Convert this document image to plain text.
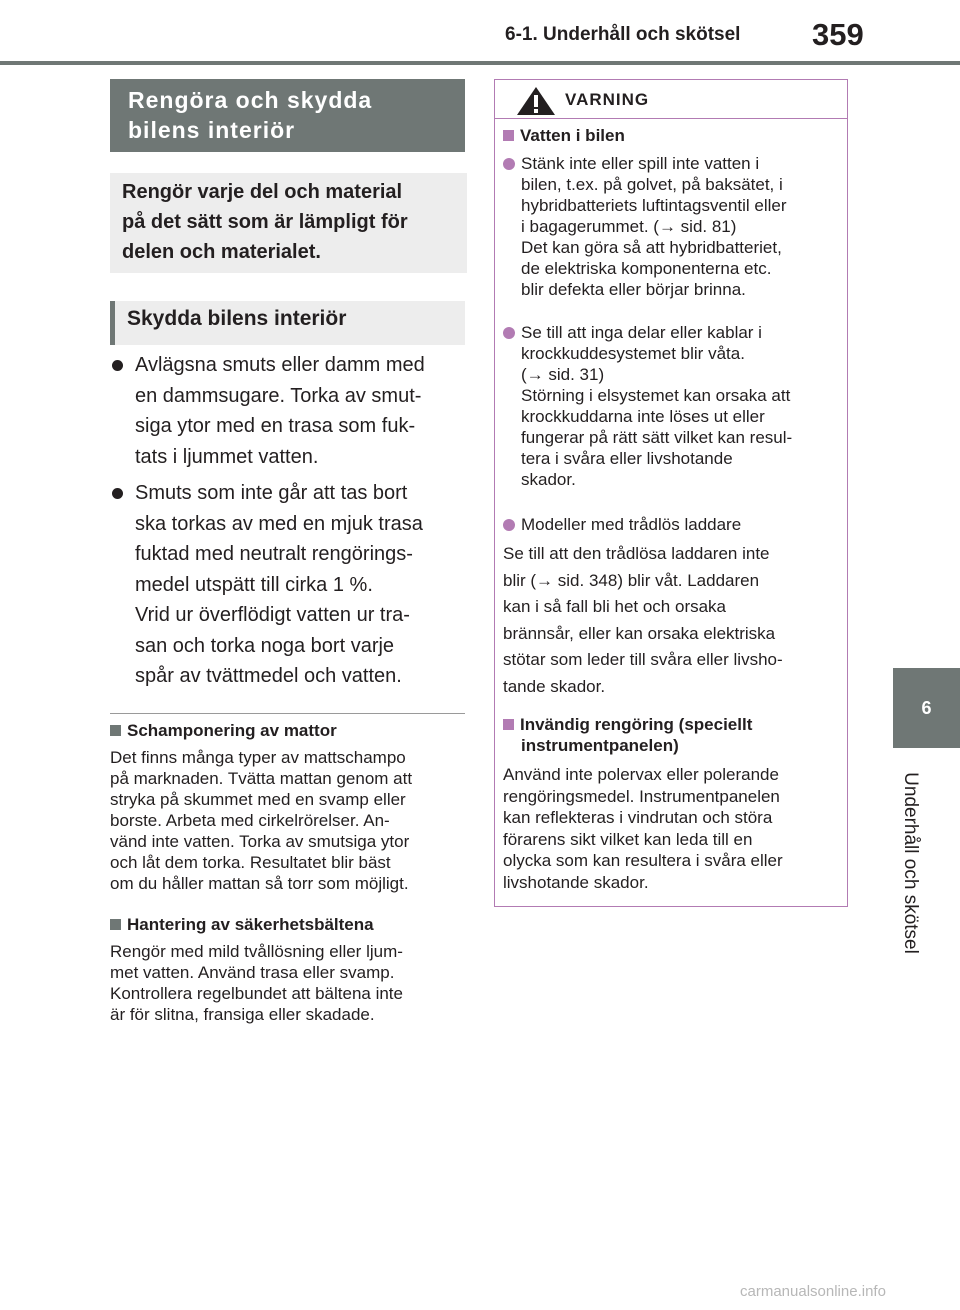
6-1. Underhåll och skötsel 359
6
Underhåll och skötsel
Rengöra och skydda
bilens interiör
Rengör varje del och material
på det sätt som är lämpligt för
delen och materialet.
Skydda bilens interiör
Avlägsna smuts eller damm med
en dammsugare. Torka av smut-
siga ytor med en trasa som fuk-
tats i ljummet vatten.
Smuts som inte går att tas bort
ska torkas av med en mjuk trasa
fuktad med neutralt rengörings-
medel utspätt till cirka 1 %.
Vrid ur överflödigt vatten ur tra-
san och torka noga bort varje
spår av tvättmedel och vatten.
Schamponering av mattor
Det finns många typer av mattschampo
på marknaden. Tvätta mattan genom att
stryka på skummet med en svamp eller
borste. Arbeta med cirkelrörelser. An-
vänd inte vatten. Torka av smutsiga ytor
och låt dem torka. Resultatet blir bäst
om du håller mattan så torr som möjligt.
Hantering av säkerhetsbältena
Rengör med mild tvållösning eller ljum-
met vatten. Använd trasa eller svamp.
Kontrollera regelbundet att bältena inte
är för slitna, fransiga eller skadade.
VARNING
Vatten i bilen
Stänk inte eller spill inte vatten i
bilen, t.ex. på golvet, på baksätet, i
hybridbatteriets luftintagsventil eller
i bagagerummet. (→ sid. 81)
Det kan göra så att hybridbatteriet,
de elektriska komponenterna etc.
blir defekta eller börjar brinna.
Se till att inga delar eller kablar i
krockkuddesystemet blir våta.
(→ sid. 31)
Störning i elsystemet kan orsaka att
krockkuddarna inte löses ut eller
fungerar på rätt sätt vilket kan resul-
tera i svåra eller livshotande
skador.
Modeller med trådlös laddare
Se till att den trådlösa laddaren inte
blir (→ sid. 348) blir våt. Laddaren
kan i så fall bli het och orsaka
brännsår, eller kan orsaka elektriska
stötar som leder till svåra eller livsho-
tande skador.
Invändig rengöring (speciellt
instrumentpanelen)
Använd inte polervax eller polerande
rengöringsmedel. Instrumentpanelen
kan reflekteras i vindrutan och störa
förarens sikt vilket kan leda till en
olycka som kan resultera i svåra eller
livshotande skador.
carmanualsonline.info
